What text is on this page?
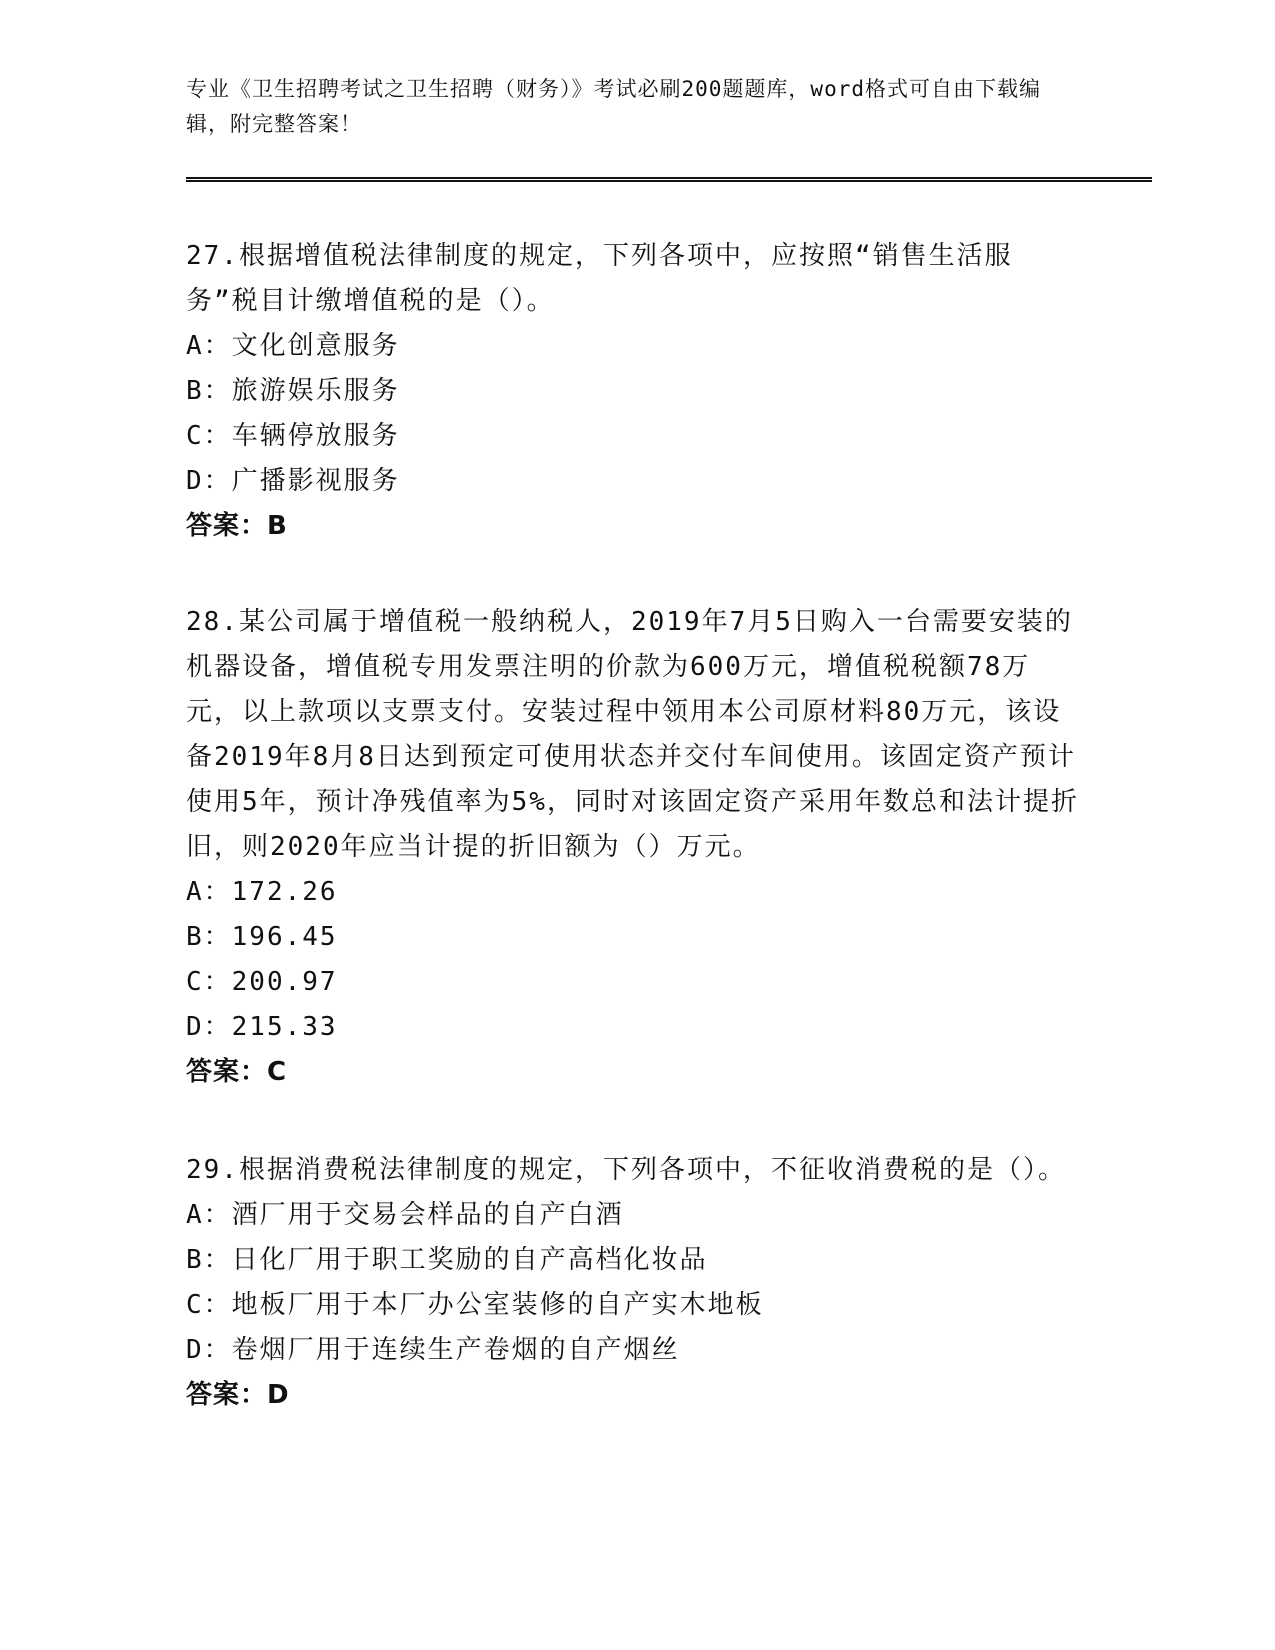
专业《卫生招聘考试之卫生招聘（财务）》考试必刷200题题库，word格式可自由下载编辑，附完整答案！

27.根据增值税法律制度的规定，下列各项中，应按照“销售生活服务”税目计缴增值税的是（）。

A：文化创意服务

B：旅游娱乐服务

C：车辆停放服务

D：广播影视服务

答案：B

28.某公司属于增值税一般纳税人，2019年7月5日购入一台需要安装的机器设备，增值税专用发票注明的价款为600万元，增值税税额78万元，以上款项以支票支付。安装过程中领用本公司原材料80万元，该设备2019年8月8日达到预定可使用状态并交付车间使用。该固定资产预计使用5年，预计净残值率为5%，同时对该固定资产采用年数总和法计提折旧，则2020年应当计提的折旧额为（）万元。

A：172.26

B：196.45

C：200.97

D：215.33

答案：C

29.根据消费税法律制度的规定，下列各项中，不征收消费税的是（）。

A：酒厂用于交易会样品的自产白酒

B：日化厂用于职工奖励的自产高档化妆品

C：地板厂用于本厂办公室装修的自产实木地板

D：卷烟厂用于连续生产卷烟的自产烟丝

答案：D
